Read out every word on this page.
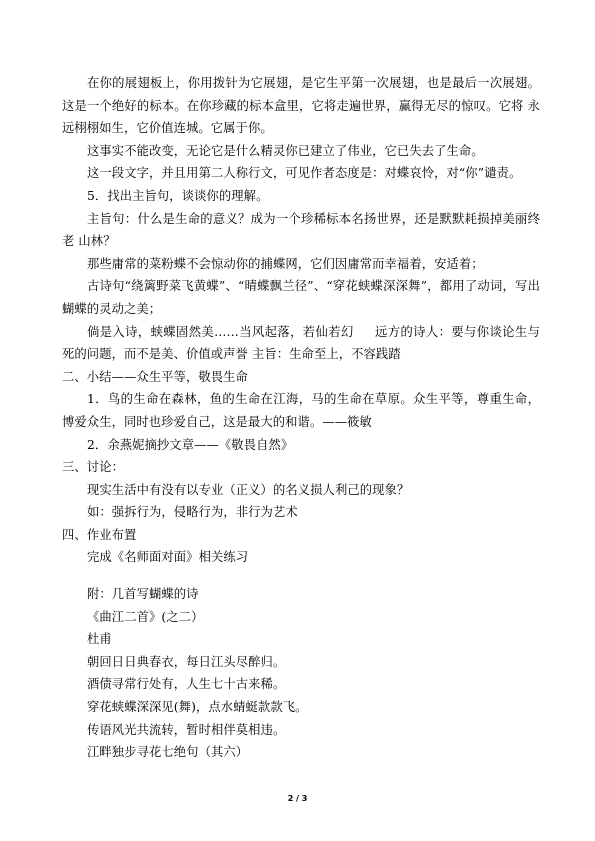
在你的展翅板上，你用拨针为它展翅，是它生平第一次展翅，也是最后一次展翅。 这是一个绝好的标本。在你珍藏的标本盒里，它将走遍世界，赢得无尽的惊叹。它将 永远栩栩如生，它价值连城。它属于你。

这事实不能改变，无论它是什么精灵你已建立了伟业，它已失去了生命。

这一段文字，并且用第二人称行文，可见作者态度是：对蝶哀怜，对“你”谴责。

5．找出主旨句，谈谈你的理解。

主旨句：什么是生命的意义？成为一个珍稀标本名扬世界，还是默默耗损掉美丽终老 山林？

那些庸常的菜粉蝶不会惊动你的捕蝶网，它们因庸常而幸福着，安适着；

古诗句“绕篱野菜飞黄蝶”、“晴蝶飘兰径”、“穿花蛱蝶深深舞”，都用了动词，写出蝴蝶的灵动之美；

倘是入诗，蛱蝶固然美……当风起落，若仙若幻 　 远方的诗人：要与你谈论生与死的问题，而不是美、价值或声誉 主旨：生命至上，不容践踏

二、小结——众生平等，敬畏生命

1．鸟的生命在森林，鱼的生命在江海，马的生命在草原。众生平等，尊重生命，博爱众生，同时也珍爱自己，这是最大的和谐。——筱敏

2．余燕妮摘抄文章——《敬畏自然》

三、讨论：

现实生活中有没有以专业（正义）的名义损人利己的现象？

如：强拆行为，侵略行为，非行为艺术

四、作业布置

完成《名师面对面》相关练习

附：几首写蝴蝶的诗

《曲江二首》(之二）

杜甫

朝回日日典春衣，每日江头尽醉归。

酒债寻常行处有，人生七十古来稀。

穿花蛱蝶深深见(舞)，点水蜻蜓款款飞。

传语风光共流转，暂时相伴莫相违。

江畔独步寻花七绝句（其六）

2 / 3
